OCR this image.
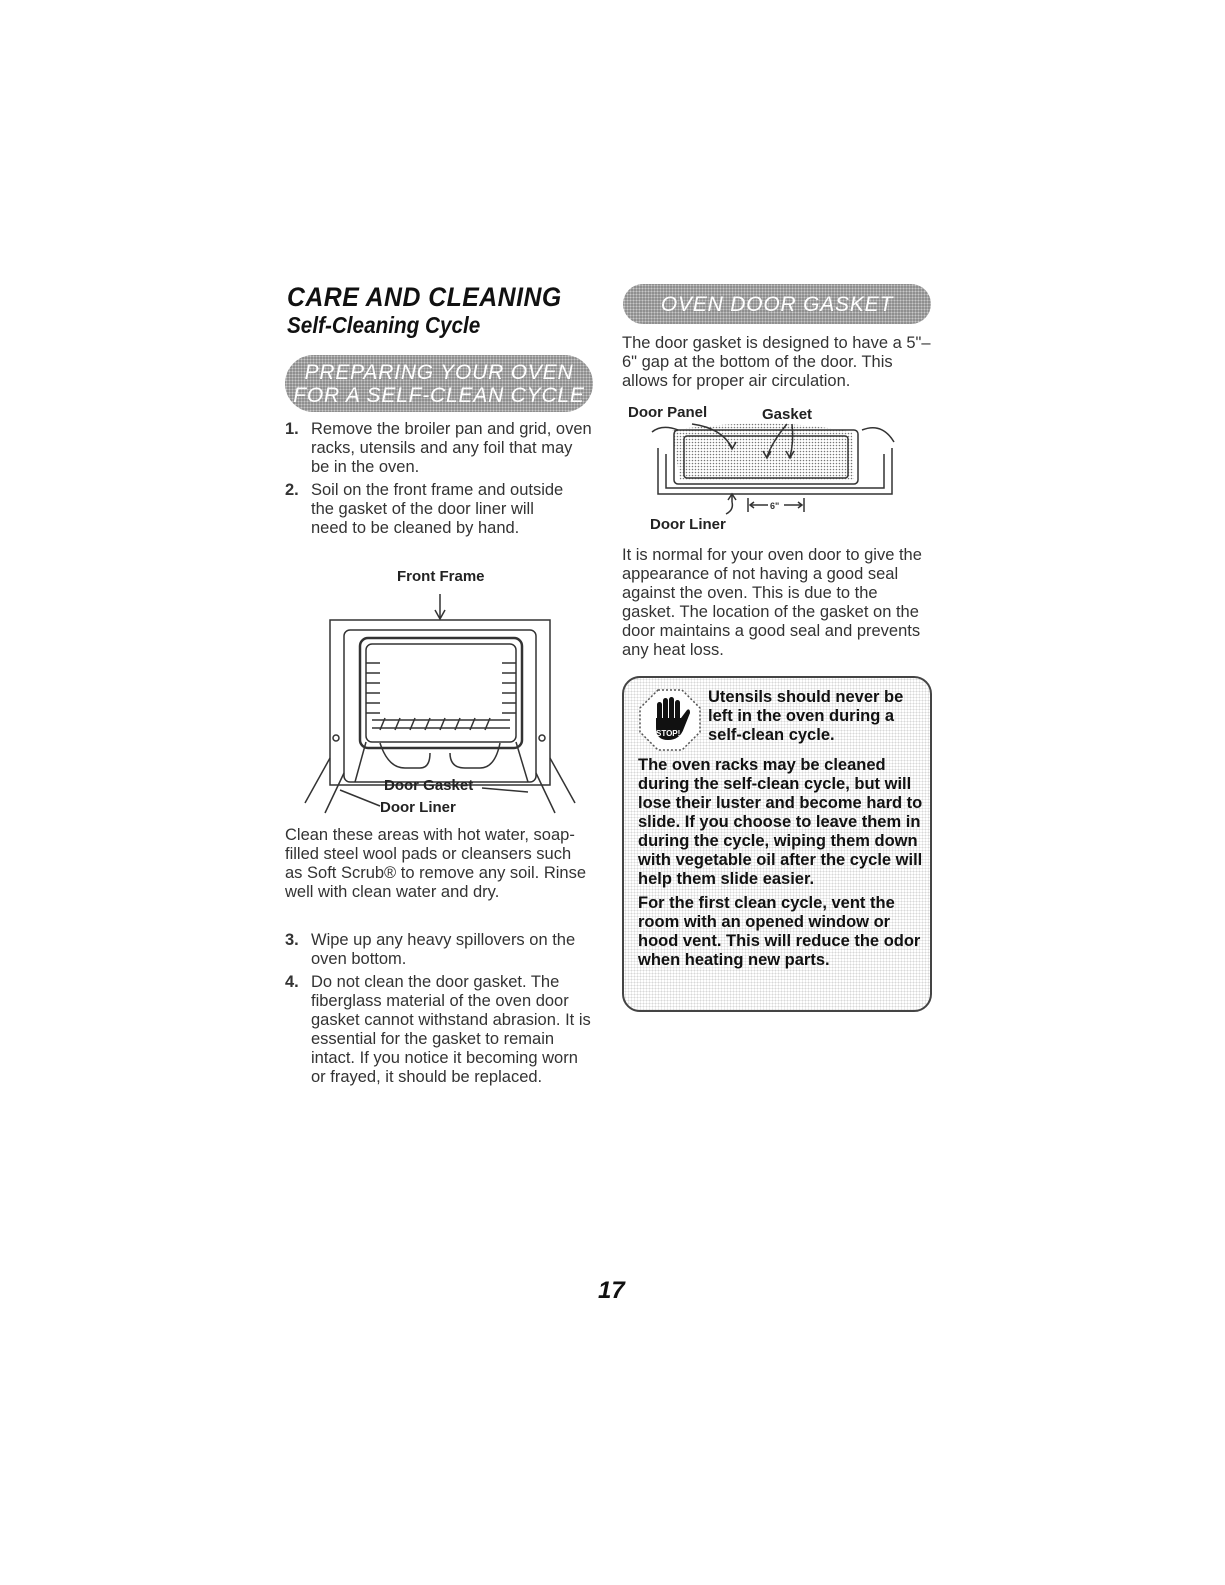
CARE AND CLEANING
Self-Cleaning Cycle
PREPARING YOUR OVEN
FOR A SELF-CLEAN CYCLE
1. Remove the broiler pan and grid, oven racks, utensils and any foil that may be in the oven.
2. Soil on the front frame and outside the gasket of the door liner will need to be cleaned by hand.
Front Frame
Door Gasket
Door Liner
Clean these areas with hot water, soap-filled steel wool pads or cleansers such as Soft Scrub® to remove any soil. Rinse well with clean water and dry.
3. Wipe up any heavy spillovers on the oven bottom.
4. Do not clean the door gasket. The fiberglass material of the oven door gasket cannot withstand abrasion. It is essential for the gasket to remain intact. If you notice it becoming worn or frayed, it should be replaced.
OVEN DOOR GASKET
The door gasket is designed to have a 5"–6" gap at the bottom of the door. This allows for proper air circulation.
Door Panel	Gasket
6"
Door Liner
It is normal for your oven door to give the appearance of not having a good seal against the oven. This is due to the gasket. The location of the gasket on the door maintains a good seal and prevents any heat loss.
STOP!
Utensils should never be left in the oven during a self-clean cycle.
The oven racks may be cleaned during the self-clean cycle, but will lose their luster and become hard to slide. If you choose to leave them in during the cycle, wiping them down with vegetable oil after the cycle will help them slide easier.
For the first clean cycle, vent the room with an opened window or hood vent. This will reduce the odor when heating new parts.
17
